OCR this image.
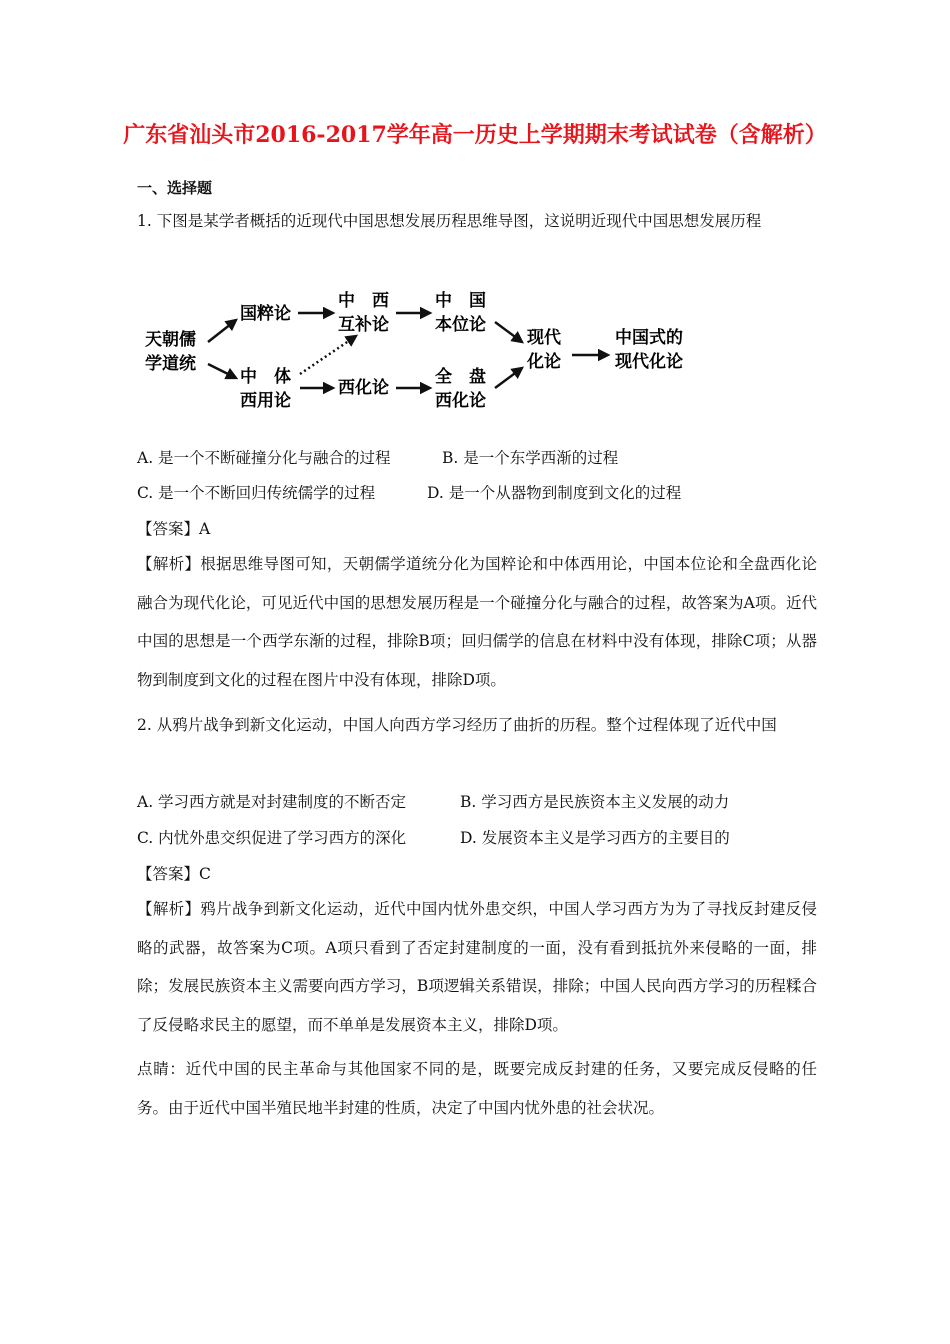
广东省汕头市2016-2017学年高一历史上学期期末考试试卷（含解析）
一、选择题
1. 下图是某学者概括的近现代中国思想发展历程思维导图，这说明近现代中国思想发展历程
天朝儒
学道统
国粹论
中　体
西用论
中　西
互补论
西化论
中　国
本位论
全　盘
西化论
现代
化论
中国式的
现代化论
A. 是一个不断碰撞分化与融合的过程	B. 是一个东学西渐的过程
C. 是一个不断回归传统儒学的过程	D. 是一个从器物到制度到文化的过程
【答案】A
【解析】根据思维导图可知，天朝儒学道统分化为国粹论和中体西用论，中国本位论和全盘西化论融合为现代化论，可见近代中国的思想发展历程是一个碰撞分化与融合的过程，故答案为A项。近代中国的思想是一个西学东渐的过程，排除B项；回归儒学的信息在材料中没有体现，排除C项；从器物到制度到文化的过程在图片中没有体现，排除D项。
2. 从鸦片战争到新文化运动，中国人向西方学习经历了曲折的历程。整个过程体现了近代中国
A. 学习西方就是对封建制度的不断否定	B. 学习西方是民族资本主义发展的动力
C. 内忧外患交织促进了学习西方的深化	D. 发展资本主义是学习西方的主要目的
【答案】C
【解析】鸦片战争到新文化运动，近代中国内忧外患交织，中国人学习西方为为了寻找反封建反侵略的武器，故答案为C项。A项只看到了否定封建制度的一面，没有看到抵抗外来侵略的一面，排除；发展民族资本主义需要向西方学习，B项逻辑关系错误，排除；中国人民向西方学习的历程糅合了反侵略求民主的愿望，而不单单是发展资本主义，排除D项。
点睛：近代中国的民主革命与其他国家不同的是，既要完成反封建的任务，又要完成反侵略的任务。由于近代中国半殖民地半封建的性质，决定了中国内忧外患的社会状况。
